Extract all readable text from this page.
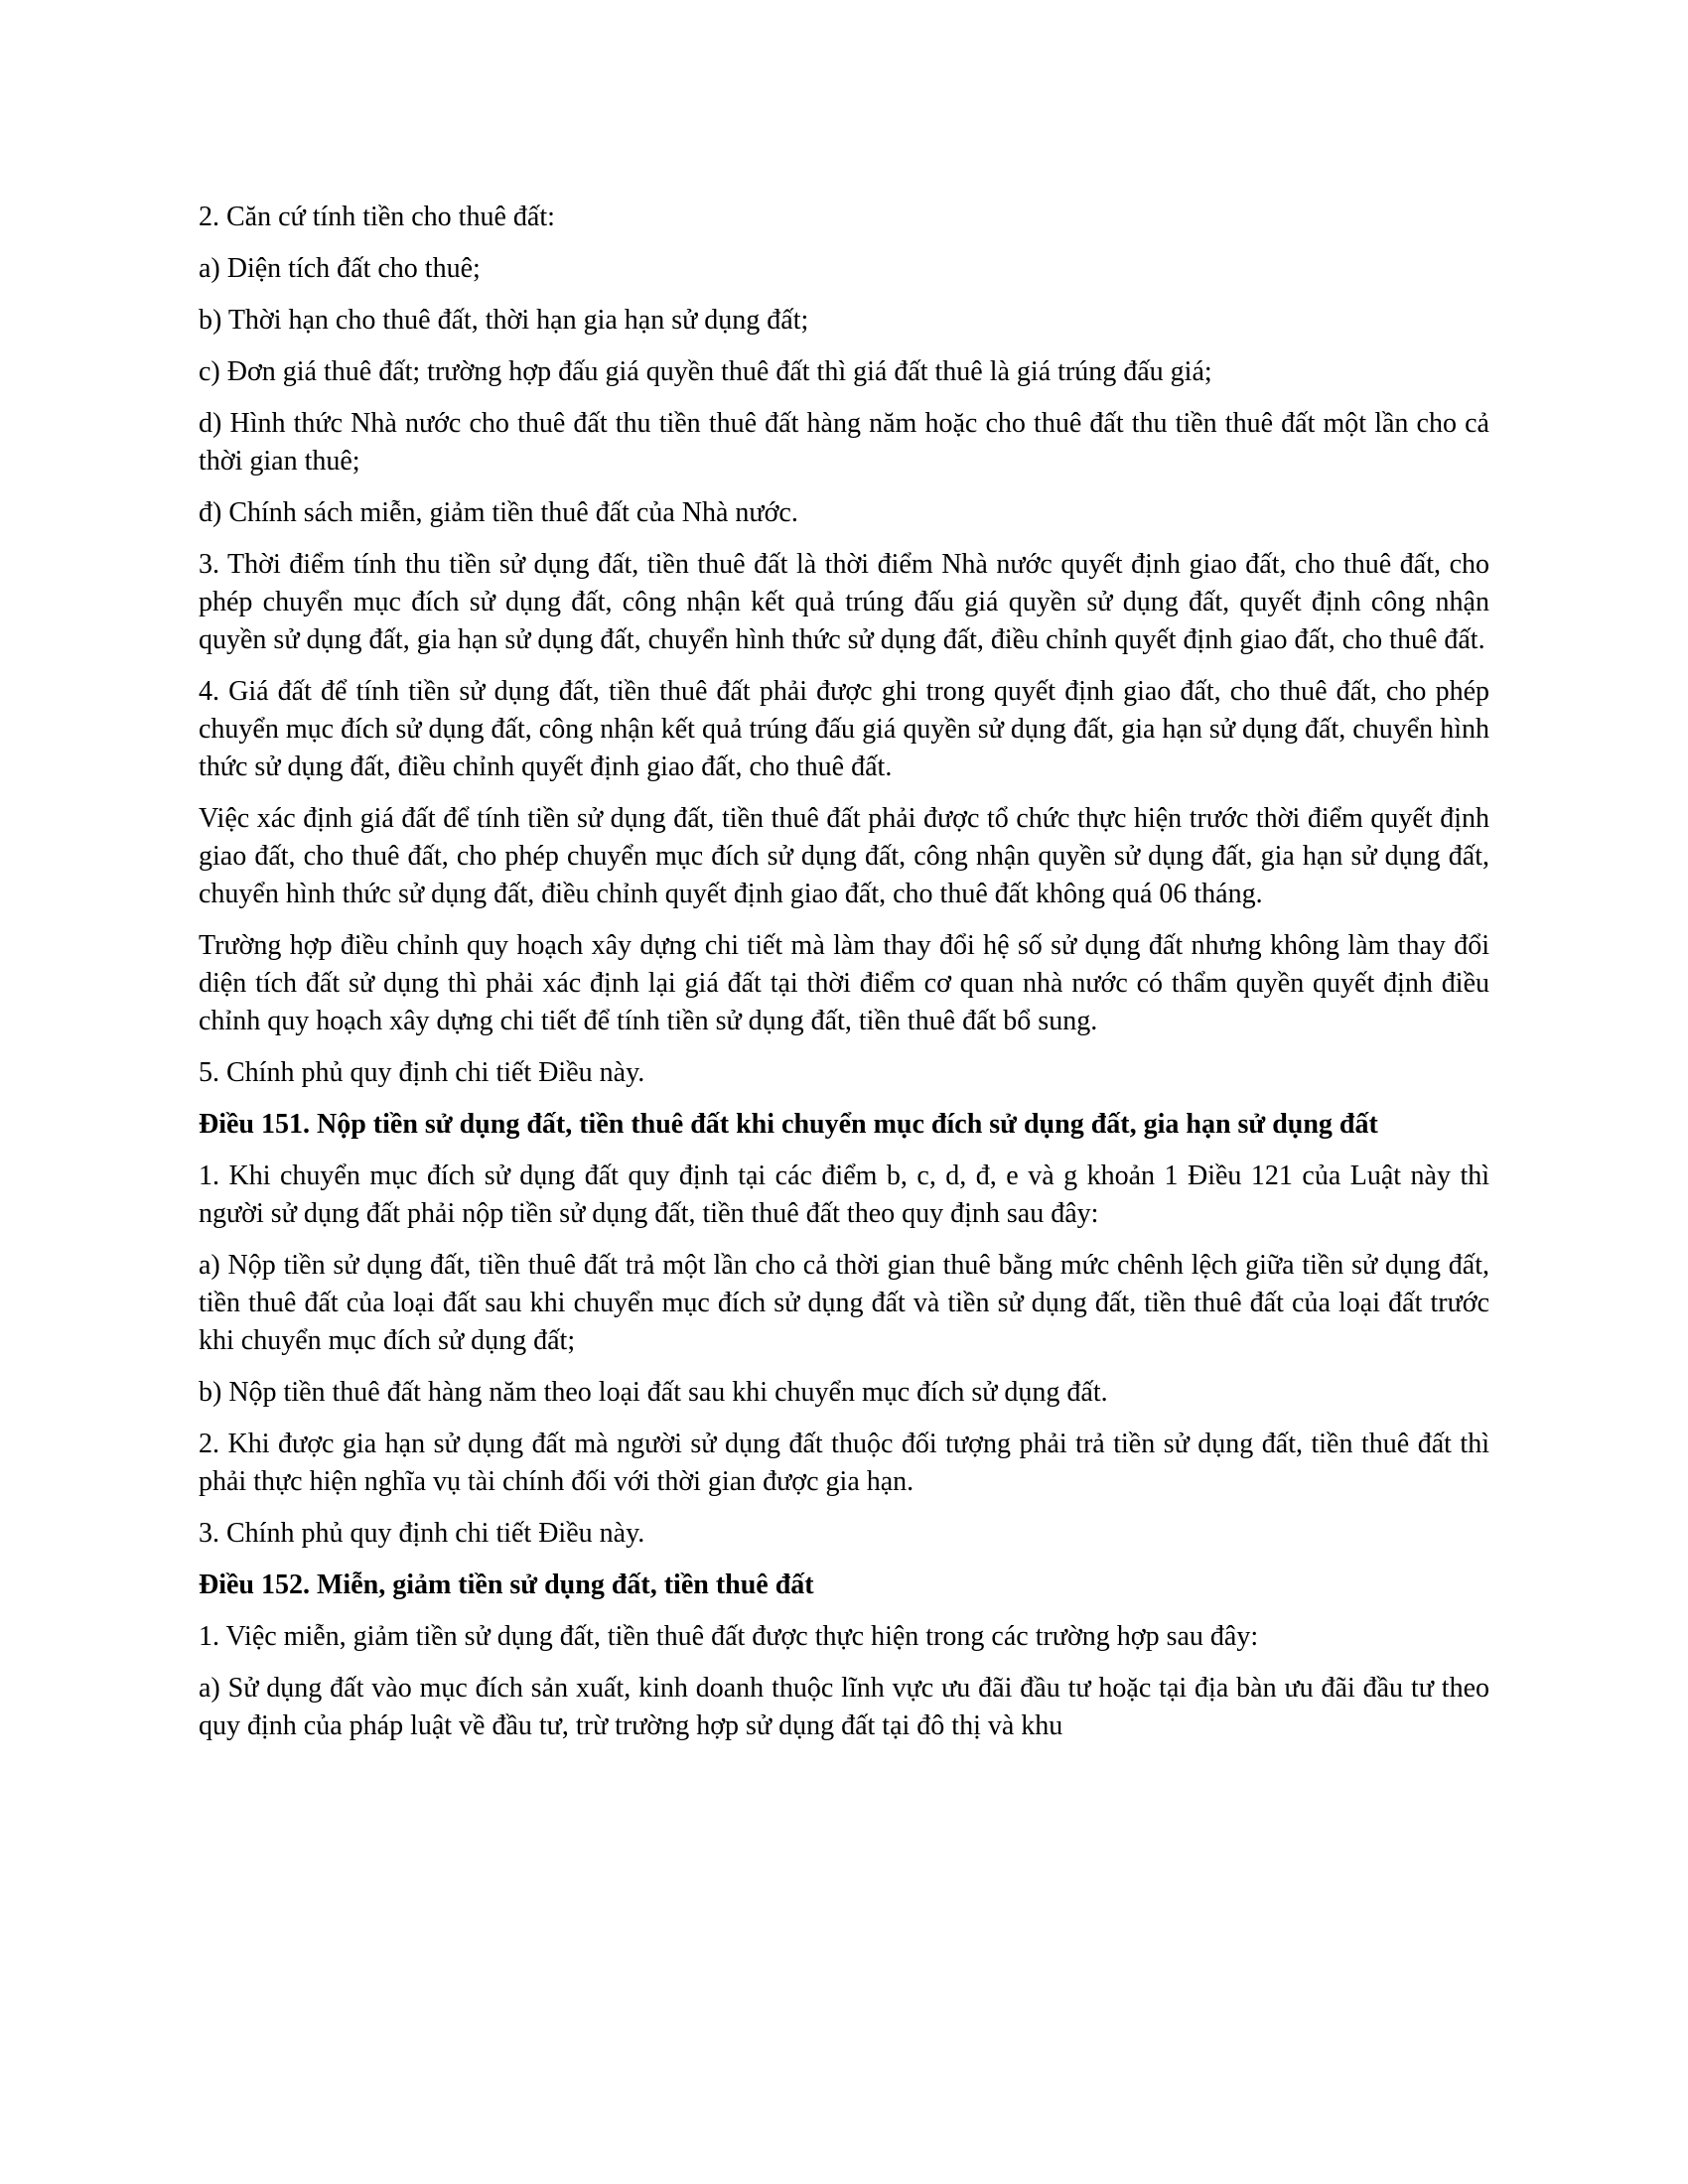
2. Căn cứ tính tiền cho thuê đất:

a) Diện tích đất cho thuê;

b) Thời hạn cho thuê đất, thời hạn gia hạn sử dụng đất;

c) Đơn giá thuê đất; trường hợp đấu giá quyền thuê đất thì giá đất thuê là giá trúng đấu giá;

d) Hình thức Nhà nước cho thuê đất thu tiền thuê đất hàng năm hoặc cho thuê đất thu tiền thuê đất một lần cho cả thời gian thuê;

đ) Chính sách miễn, giảm tiền thuê đất của Nhà nước.

3. Thời điểm tính thu tiền sử dụng đất, tiền thuê đất là thời điểm Nhà nước quyết định giao đất, cho thuê đất, cho phép chuyển mục đích sử dụng đất, công nhận kết quả trúng đấu giá quyền sử dụng đất, quyết định công nhận quyền sử dụng đất, gia hạn sử dụng đất, chuyển hình thức sử dụng đất, điều chỉnh quyết định giao đất, cho thuê đất.

4. Giá đất để tính tiền sử dụng đất, tiền thuê đất phải được ghi trong quyết định giao đất, cho thuê đất, cho phép chuyển mục đích sử dụng đất, công nhận kết quả trúng đấu giá quyền sử dụng đất, gia hạn sử dụng đất, chuyển hình thức sử dụng đất, điều chỉnh quyết định giao đất, cho thuê đất.

Việc xác định giá đất để tính tiền sử dụng đất, tiền thuê đất phải được tổ chức thực hiện trước thời điểm quyết định giao đất, cho thuê đất, cho phép chuyển mục đích sử dụng đất, công nhận quyền sử dụng đất, gia hạn sử dụng đất, chuyển hình thức sử dụng đất, điều chỉnh quyết định giao đất, cho thuê đất không quá 06 tháng.

Trường hợp điều chỉnh quy hoạch xây dựng chi tiết mà làm thay đổi hệ số sử dụng đất nhưng không làm thay đổi diện tích đất sử dụng thì phải xác định lại giá đất tại thời điểm cơ quan nhà nước có thẩm quyền quyết định điều chỉnh quy hoạch xây dựng chi tiết để tính tiền sử dụng đất, tiền thuê đất bổ sung.

5. Chính phủ quy định chi tiết Điều này.

Điều 151. Nộp tiền sử dụng đất, tiền thuê đất khi chuyển mục đích sử dụng đất, gia hạn sử dụng đất

1. Khi chuyển mục đích sử dụng đất quy định tại các điểm b, c, d, đ, e và g khoản 1 Điều 121 của Luật này thì người sử dụng đất phải nộp tiền sử dụng đất, tiền thuê đất theo quy định sau đây:

a) Nộp tiền sử dụng đất, tiền thuê đất trả một lần cho cả thời gian thuê bằng mức chênh lệch giữa tiền sử dụng đất, tiền thuê đất của loại đất sau khi chuyển mục đích sử dụng đất và tiền sử dụng đất, tiền thuê đất của loại đất trước khi chuyển mục đích sử dụng đất;

b) Nộp tiền thuê đất hàng năm theo loại đất sau khi chuyển mục đích sử dụng đất.

2. Khi được gia hạn sử dụng đất mà người sử dụng đất thuộc đối tượng phải trả tiền sử dụng đất, tiền thuê đất thì phải thực hiện nghĩa vụ tài chính đối với thời gian được gia hạn.

3. Chính phủ quy định chi tiết Điều này.

Điều 152. Miễn, giảm tiền sử dụng đất, tiền thuê đất

1. Việc miễn, giảm tiền sử dụng đất, tiền thuê đất được thực hiện trong các trường hợp sau đây:

a) Sử dụng đất vào mục đích sản xuất, kinh doanh thuộc lĩnh vực ưu đãi đầu tư hoặc tại địa bàn ưu đãi đầu tư theo quy định của pháp luật về đầu tư, trừ trường hợp sử dụng đất tại đô thị và khu
